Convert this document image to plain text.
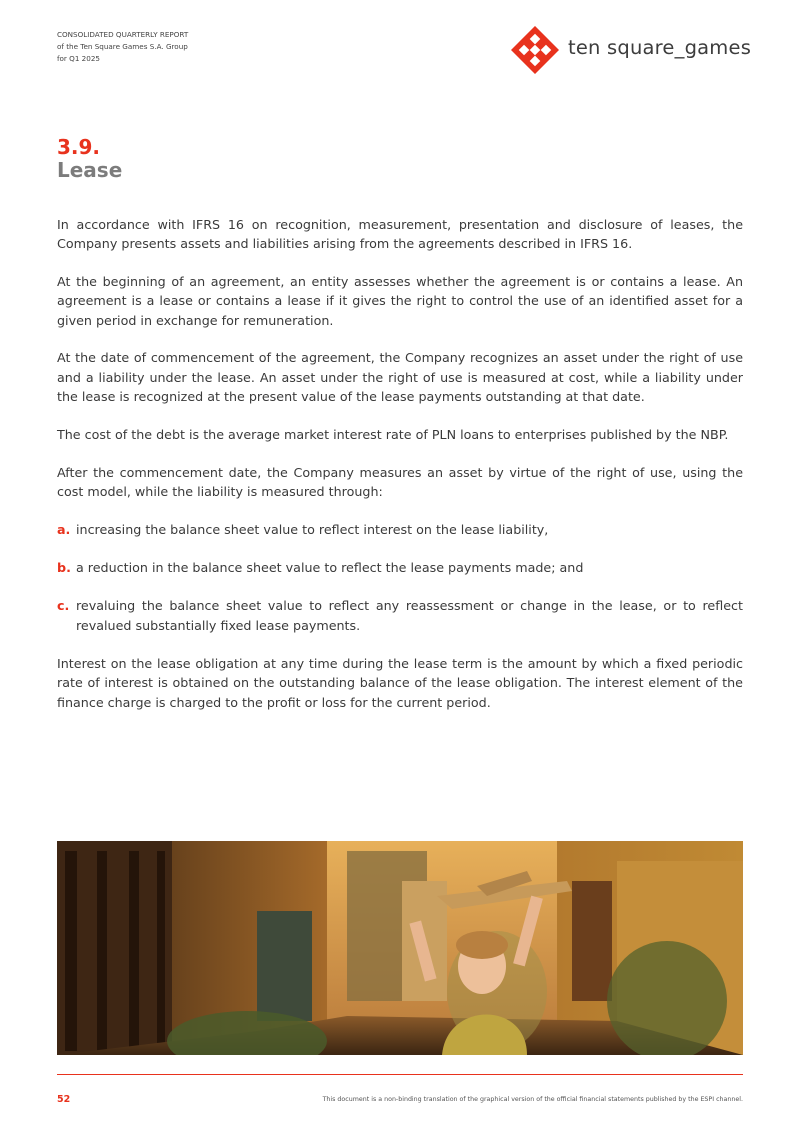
CONSOLIDATED QUARTERLY REPORT
of the Ten Square Games S.A. Group
for Q1 2025	ten square_games
3.9.
Lease

In accordance with IFRS 16 on recognition, measurement, presentation and disclosure of leases, the Company presents assets and liabilities arising from the agreements described in IFRS 16.

At the beginning of an agreement, an entity assesses whether the agreement is or contains a lease. An agreement is a lease or contains a lease if it gives the right to control the use of an identified asset for a given period in exchange for remuneration.

At the date of commencement of the agreement, the Company recognizes an asset under the right of use and a liability under the lease. An asset under the right of use is measured at cost, while a liability under the lease is recognized at the present value of the lease payments outstanding at that date.

The cost of the debt is the average market interest rate of PLN loans to enterprises published by the NBP.

After the commencement date, the Company measures an asset by virtue of the right of use, using the cost model, while the liability is measured through:

a. increasing the balance sheet value to reflect interest on the lease liability,
b. a reduction in the balance sheet value to reflect the lease payments made; and
c. revaluing the balance sheet value to reflect any reassessment or change in the lease, or to reflect revalued substantially fixed lease payments.

Interest on the lease obligation at any time during the lease term is the amount by which a fixed periodic rate of interest is obtained on the outstanding balance of the lease obligation. The interest element of the finance charge is charged to the profit or loss for the current period.

52	This document is a non-binding translation of the graphical version of the official financial statements published by the ESPI channel.
